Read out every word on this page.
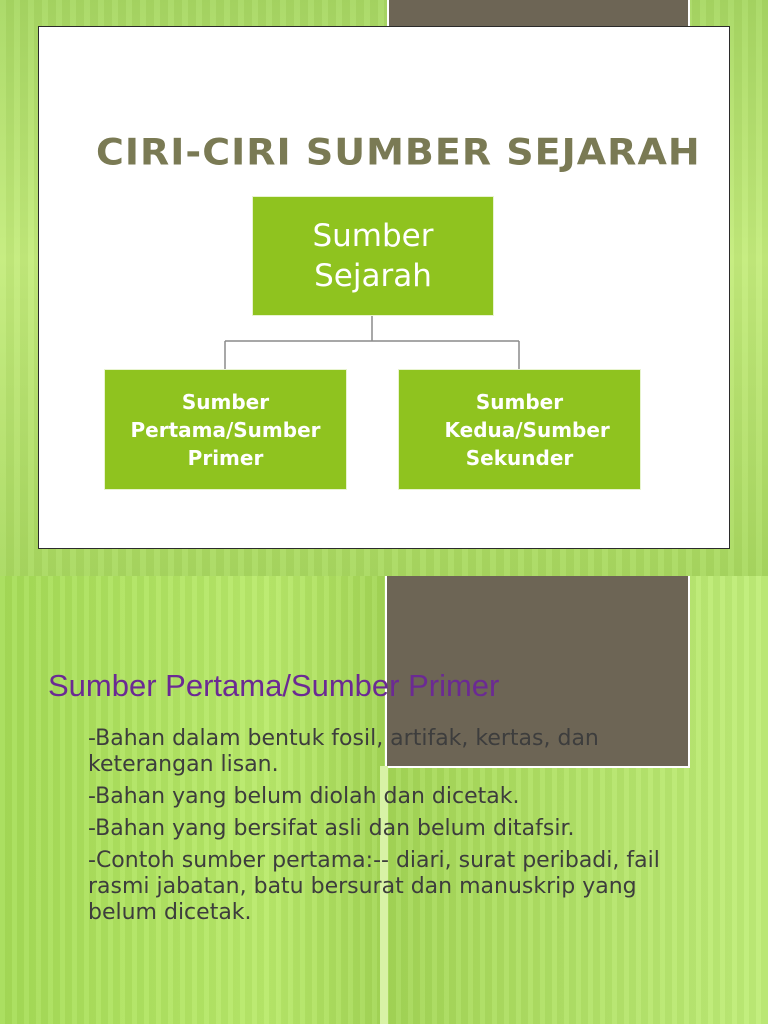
CIRI-CIRI SUMBER SEJARAH
Sumber Sejarah
Sumber Pertama/Sumber Primer
Sumber Kedua/Sumber Sekunder
Sumber Pertama/Sumber Primer
-Bahan dalam bentuk fosil, artifak, kertas, dan keterangan lisan.
-Bahan yang belum diolah dan dicetak.
-Bahan yang bersifat asli dan belum ditafsir.
-Contoh sumber pertama:-- diari, surat peribadi, fail rasmi jabatan, batu bersurat dan manuskrip yang belum dicetak.
